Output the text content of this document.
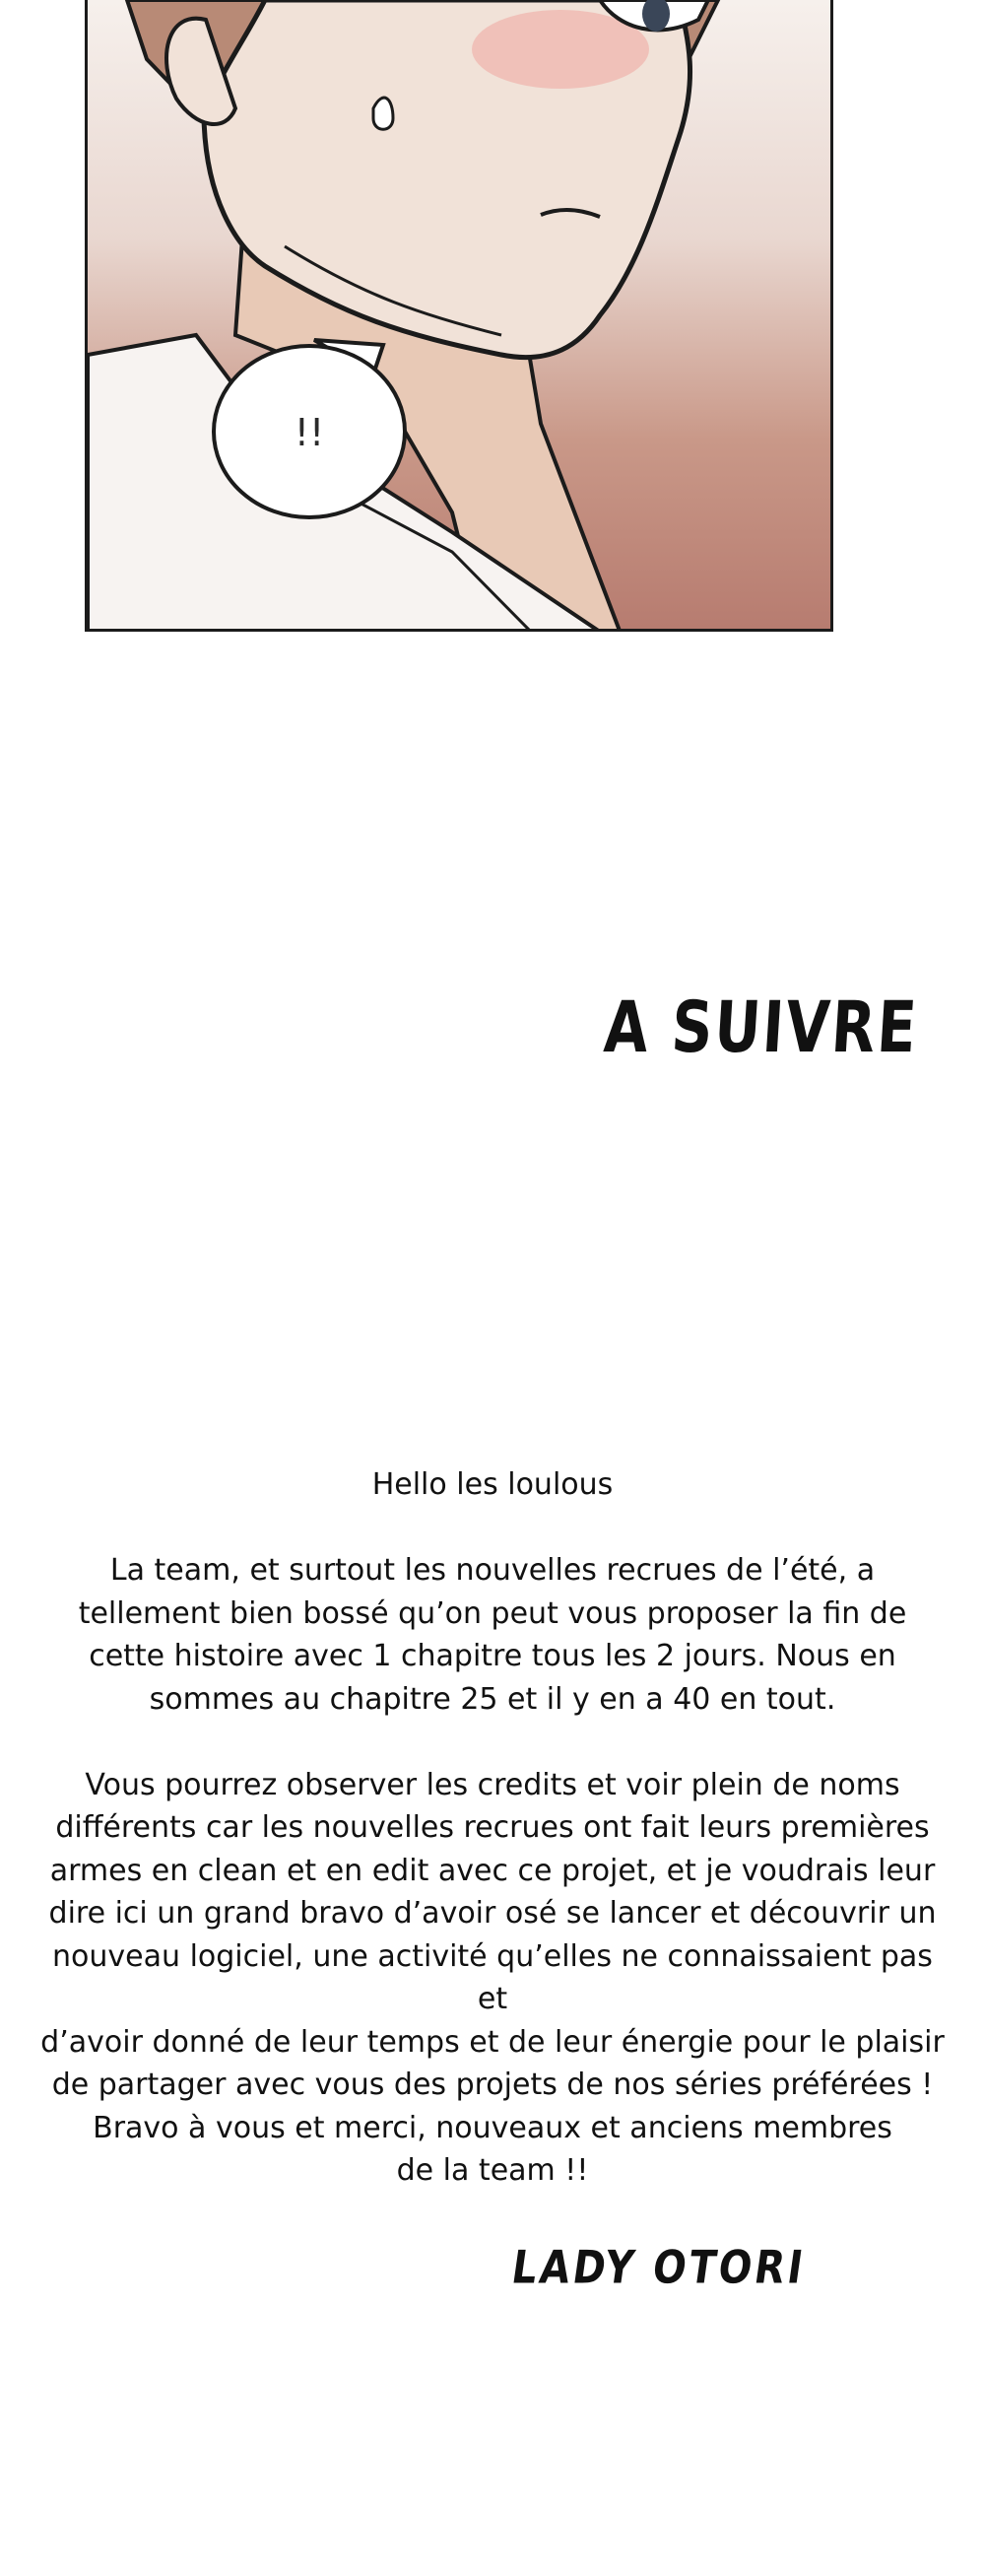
!!
A SUIVRE

Hello les loulous

La team, et surtout les nouvelles recrues de l’été, a
tellement bien bossé qu’on peut vous proposer la fin de
cette histoire avec 1 chapitre tous les 2 jours. Nous en
sommes au chapitre 25 et il y en a 40 en tout.

Vous pourrez observer les credits et voir plein de noms
différents car les nouvelles recrues ont fait leurs premières
armes en clean et en edit avec ce projet, et je voudrais leur
dire ici un grand bravo d’avoir osé se lancer et découvrir un
nouveau logiciel, une activité qu’elles ne connaissaient pas et
d’avoir donné de leur temps et de leur énergie pour le plaisir
de partager avec vous des projets de nos séries préférées !
Bravo à vous et merci, nouveaux et anciens membres
de la team !!

LADY OTORI
